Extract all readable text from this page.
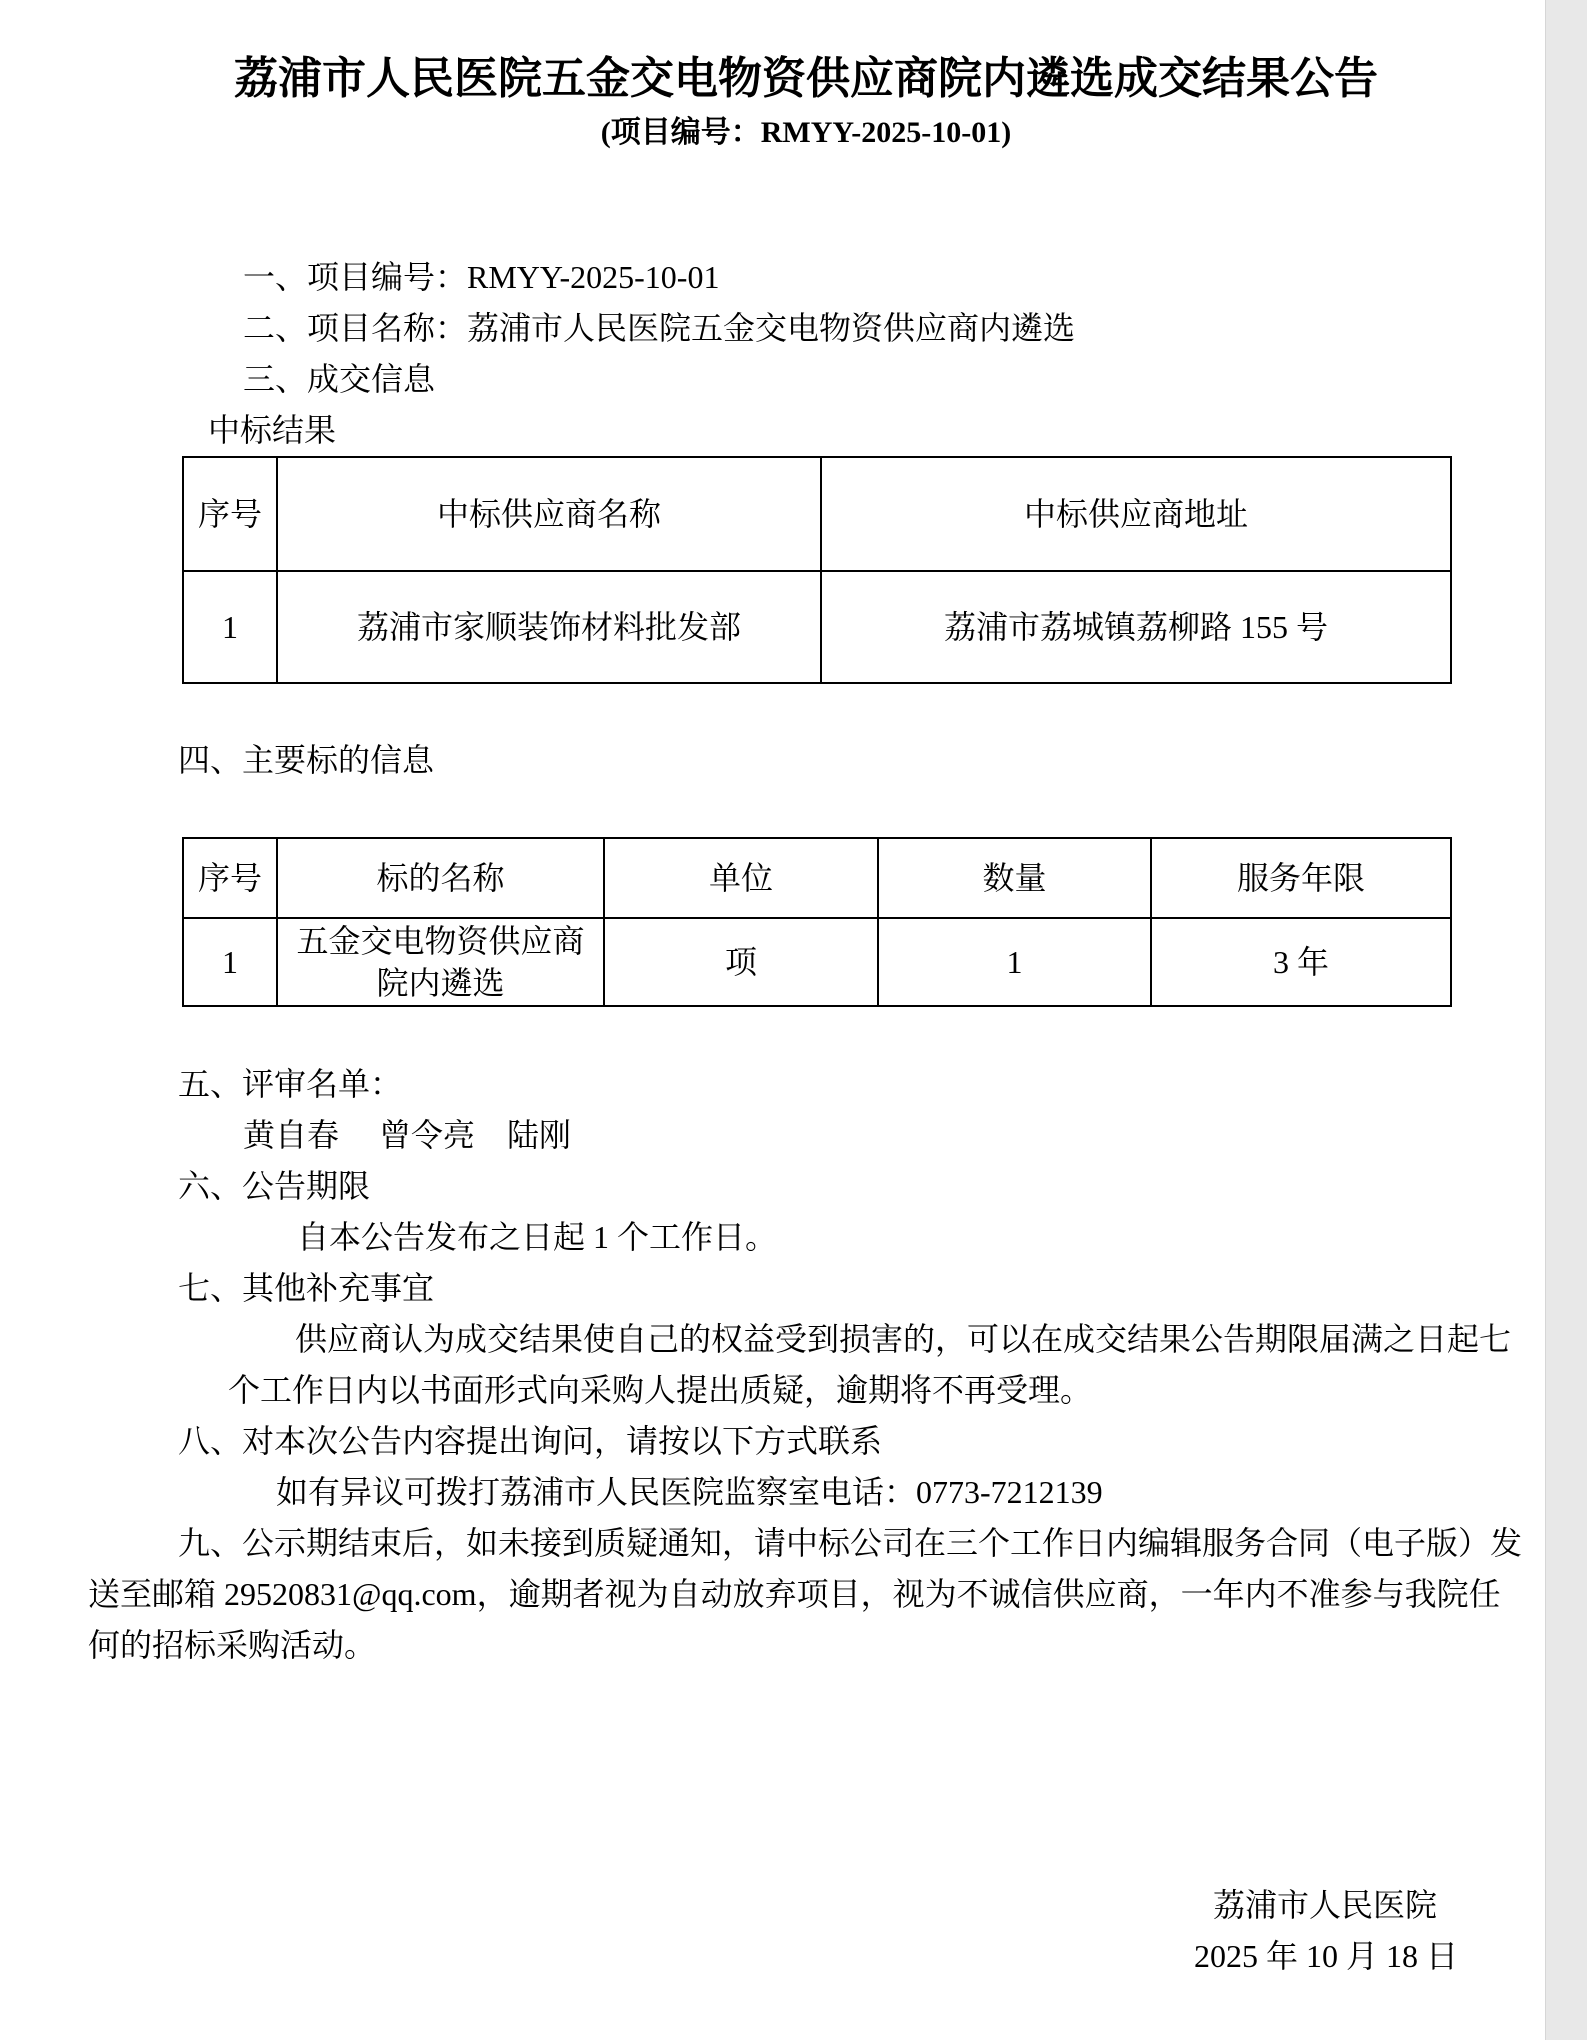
荔浦市人民医院五金交电物资供应商院内遴选成交结果公告
(项目编号：RMYY-2025-10-01)

一、项目编号：RMYY-2025-10-01

二、项目名称：荔浦市人民医院五金交电物资供应商内遴选

三、成交信息

中标结果

序号	中标供应商名称	中标供应商地址
1	荔浦市家顺装饰材料批发部	荔浦市荔城镇荔柳路 155 号

四、主要标的信息

序号	标的名称	单位	数量	服务年限
1	五金交电物资供应商院内遴选	项	1	3 年

五、评审名单：

黄自春　 曾令亮　陆刚

六、公告期限

自本公告发布之日起 1 个工作日。

七、其他补充事宜

供应商认为成交结果使自己的权益受到损害的，可以在成交结果公告期限届满之日起七

个工作日内以书面形式向采购人提出质疑，逾期将不再受理。

八、对本次公告内容提出询问，请按以下方式联系

如有异议可拨打荔浦市人民医院监察室电话：0773-7212139

九、公示期结束后，如未接到质疑通知，请中标公司在三个工作日内编辑服务合同（电子版）发

送至邮箱 29520831@qq.com，逾期者视为自动放弃项目，视为不诚信供应商，一年内不准参与我院任

何的招标采购活动。

荔浦市人民医院
2025 年 10 月 18 日
